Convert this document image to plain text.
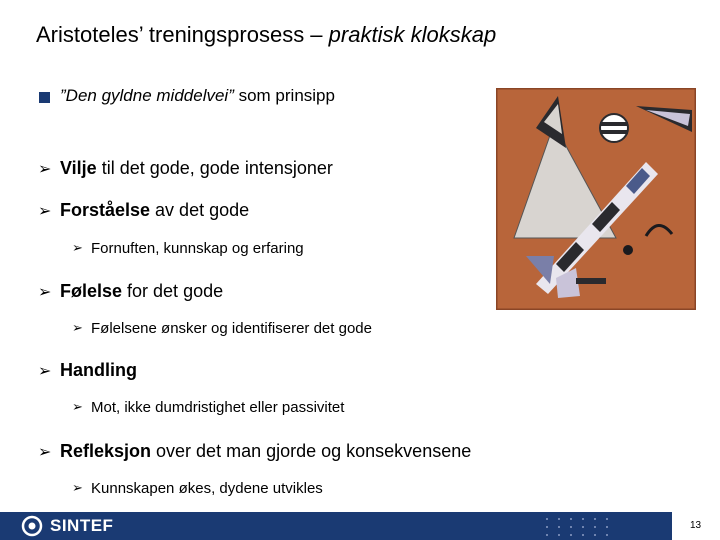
Aristoteles’ treningsprosess – praktisk klokskap
”Den gyldne middelvei” som prinsipp
➢ Vilje til det gode, gode intensjoner
➢ Forståelse av det gode
➢ Fornuften, kunnskap og erfaring
➢ Følelse for det gode
➢ Følelsene ønsker og identifiserer det gode
➢ Handling
➢ Mot, ikke dumdristighet eller passivitet
➢ Refleksjon over det man gjorde og konsekvensene
➢ Kunnskapen økes, dydene utvikles
SINTEF	13
